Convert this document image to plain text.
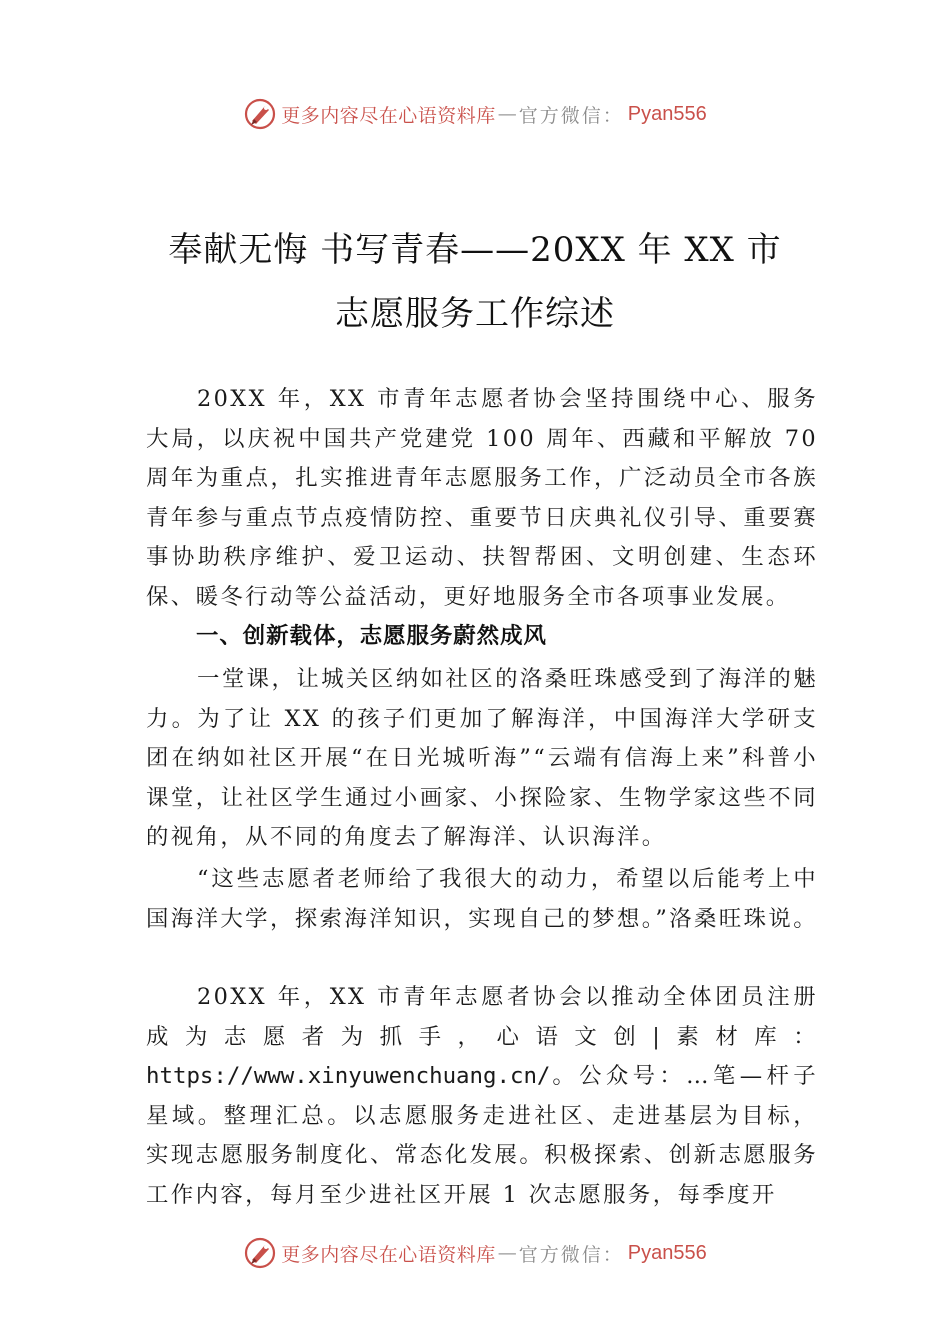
更多内容尽在心语资料库 — 官方微信： Pyan556
奉献无悔 书写青春——20XX 年 XX 市
志愿服务工作综述
20XX 年，XX 市青年志愿者协会坚持围绕中心、服务大局，以庆祝中国共产党建党 100 周年、西藏和平解放 70 周年为重点，扎实推进青年志愿服务工作，广泛动员全市各族青年参与重点节点疫情防控、重要节日庆典礼仪引导、重要赛事协助秩序维护、爱卫运动、扶智帮困、文明创建、生态环保、暖冬行动等公益活动，更好地服务全市各项事业发展。
一、创新载体，志愿服务蔚然成风
一堂课，让城关区纳如社区的洛桑旺珠感受到了海洋的魅力。为了让 XX 的孩子们更加了解海洋，中国海洋大学研支团在纳如社区开展“在日光城听海”“云端有信海上来”科普小课堂，让社区学生通过小画家、小探险家、生物学家这些不同的视角，从不同的角度去了解海洋、认识海洋。
“这些志愿者老师给了我很大的动力，希望以后能考上中国海洋大学，探索海洋知识，实现自己的梦想。”洛桑旺珠说。
20XX 年，XX 市青年志愿者协会以推动全体团员注册成为志愿者为抓手，心语文创|素材库：https://www.xinyuwenchuang.cn/。公众号：…笔—杆子星域。整理汇总。以志愿服务走进社区、走进基层为目标， 实现志愿服务制度化、常态化发展。积极探索、创新志愿服务工作内容，每月至少进社区开展 1 次志愿服务，每季度开
更多内容尽在心语资料库 — 官方微信： Pyan556
